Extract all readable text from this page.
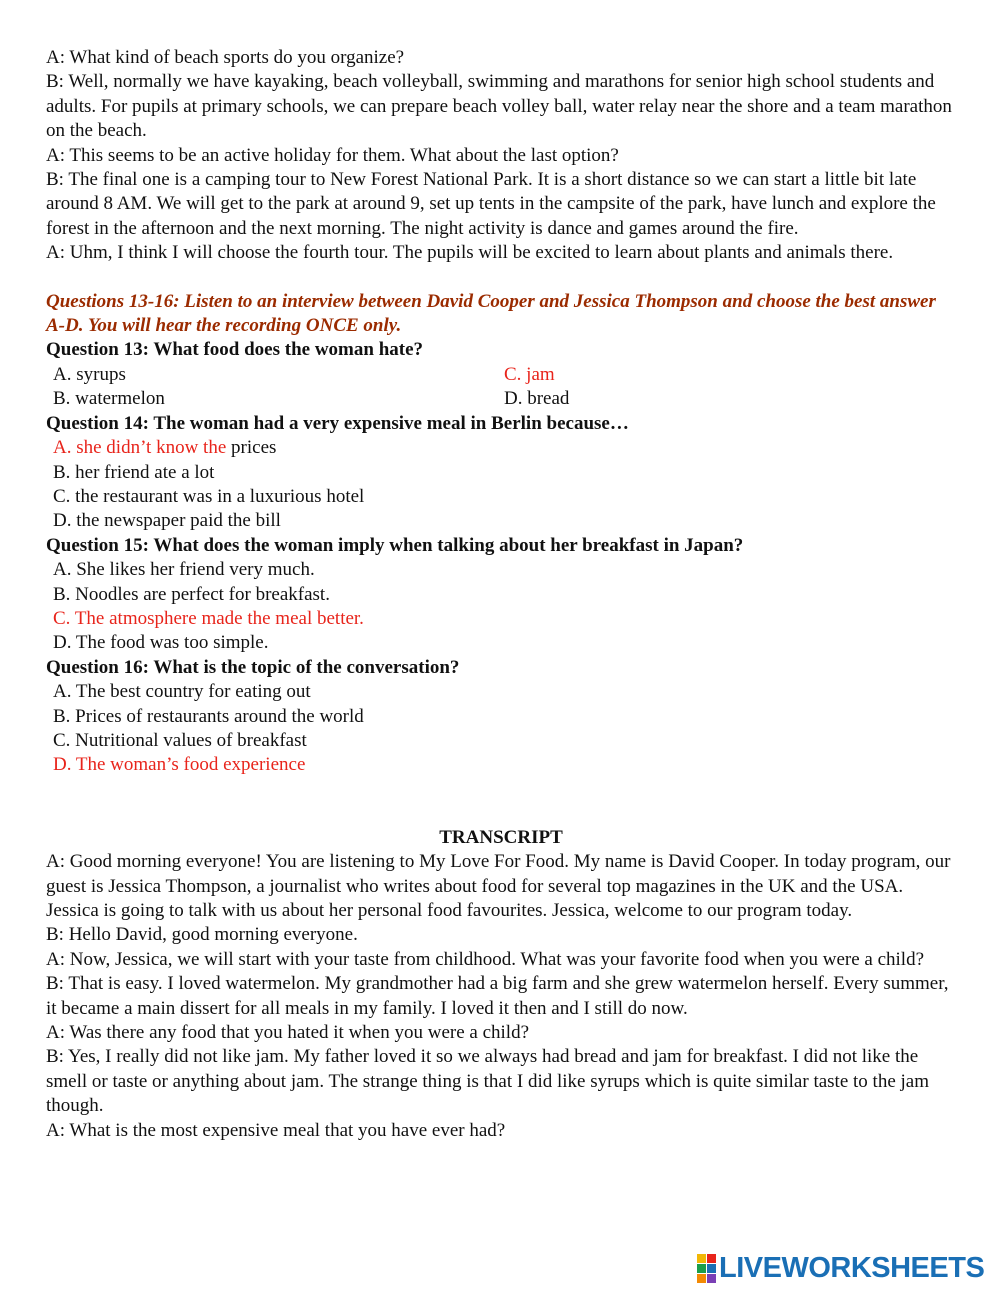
A: What kind of beach sports do you organize?

B: Well, normally we have kayaking, beach volleyball, swimming and marathons for senior high school students and adults. For pupils at primary schools, we can prepare beach volley ball, water relay near the shore and a team marathon on the beach.

A: This seems to be an active holiday for them. What about the last option?

B: The final one is a camping tour to New Forest National Park. It is a short distance so we can start a little bit late around 8 AM. We will get to the park at around 9, set up tents in the campsite of the park, have lunch and explore the forest in the afternoon and the next morning. The night activity is dance and games around the fire.

A: Uhm, I think I will choose the fourth tour. The pupils will be excited to learn about plants and animals there.

Questions 13-16: Listen to an interview between David Cooper and Jessica Thompson and choose the best answer A-D. You will hear the recording ONCE only.

Question 13: What food does the woman hate?

A. syrups	C. jam
B. watermelon	D. bread

Question 14: The woman had a very expensive meal in Berlin because…

A. she didn’t know the prices

B. her friend ate a lot

C. the restaurant was in a luxurious hotel

D. the newspaper paid the bill

Question 15: What does the woman imply when talking about her breakfast in Japan?

A. She likes her friend very much.

B. Noodles are perfect for breakfast.

C. The atmosphere made the meal better.

D. The food was too simple.

Question 16: What is the topic of the conversation?

A. The best country for eating out

B. Prices of restaurants around the world

C. Nutritional values of breakfast

D. The woman’s food experience

TRANSCRIPT

A: Good morning everyone! You are listening to My Love For Food. My name is David Cooper. In today program, our guest is Jessica Thompson, a journalist who writes about food for several top magazines in the UK and the USA. Jessica is going to talk with us about her personal food favourites. Jessica, welcome to our program today.

B: Hello David, good morning everyone.

A: Now, Jessica, we will start with your taste from childhood. What was your favorite food when you were a child?

B: That is easy. I loved watermelon. My grandmother had a big farm and she grew watermelon herself. Every summer, it became a main dissert for all meals in my family. I loved it then and I still do now.

A: Was there any food that you hated it when you were a child?

B: Yes, I really did not like jam. My father loved it so we always had bread and jam for breakfast. I did not like the smell or taste or anything about jam. The strange thing is that I did like syrups which is quite similar taste to the jam though.

A: What is the most expensive meal that you have ever had?

LIVEWORKSHEETS
